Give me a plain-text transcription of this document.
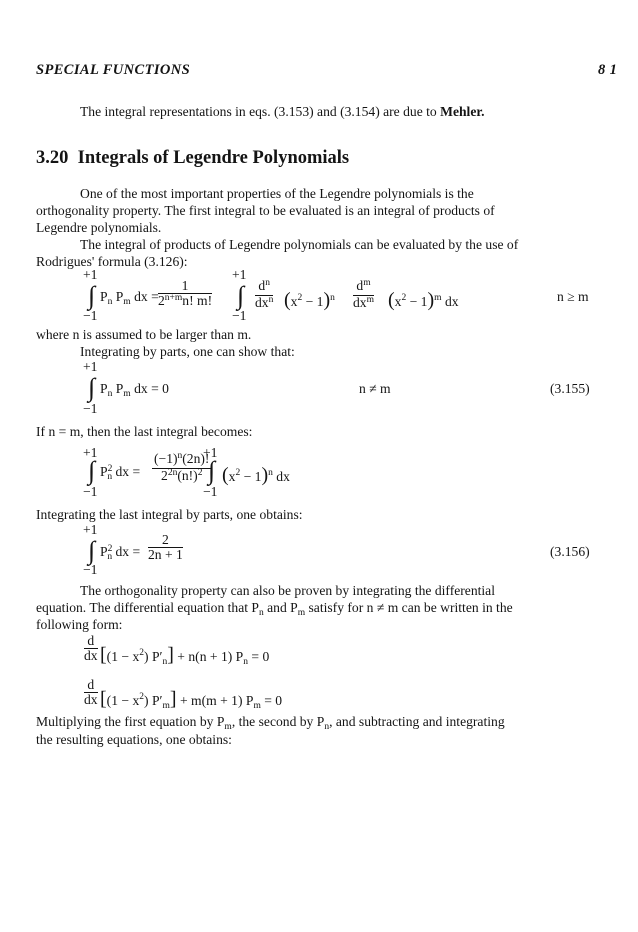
SPECIAL FUNCTIONS	8 1
The integral representations in eqs. (3.153) and (3.154) are due to Mehler.
3.20 Integrals of Legendre Polynomials
One of the most important properties of the Legendre polynomials is the
orthogonality property. The first integral to be evaluated is an integral of products of
Legendre polynomials.
The integral of products of Legendre polynomials can be evaluated by the use of
Rodrigues' formula (3.126):
+1
∫ $P_n$ $P_m$ dx = $\frac{1}{2^{n+m}n! m!}$
+1
∫ $\frac{d^n}{dx^n} (x^2 - 1)^n \frac{d^m}{dx^m} (x^2 - 1)^m$ dx	n ≥ m
−1	−1
where n is assumed to be larger than m.
Integrating by parts, one can show that:
+1
∫ $P_n$ $P_m$ dx = 0	n ≠ m	(3.155)
−1
If n = m, then the last integral becomes:
+1
∫ $P^2_n$ dx = $\frac{(-1)^n(2n)!}{2^{2n}(n!)^2}$
+1
∫ $(x^2 - 1)^n$ dx
−1	−1
Integrating the last integral by parts, one obtains:
+1
∫ $P^2_n$ dx = $\frac{2}{2n + 1}$	(3.156)
−1
The orthogonality property can also be proven by integrating the differential
equation. The differential equation that $P_n$ and $P_m$ satisfy for n ≠ m can be written in the
following form:
$\frac{d}{dx} [(1 - x^2) P'_n] + n(n + 1) P_n = 0$
$\frac{d}{dx} [(1 - x^2) P'_m] + m(m + 1) P_m = 0$
Multiplying the first equation by $P_m$, the second by $P_n$, and subtracting and integrating
the resulting equations, one obtains:
